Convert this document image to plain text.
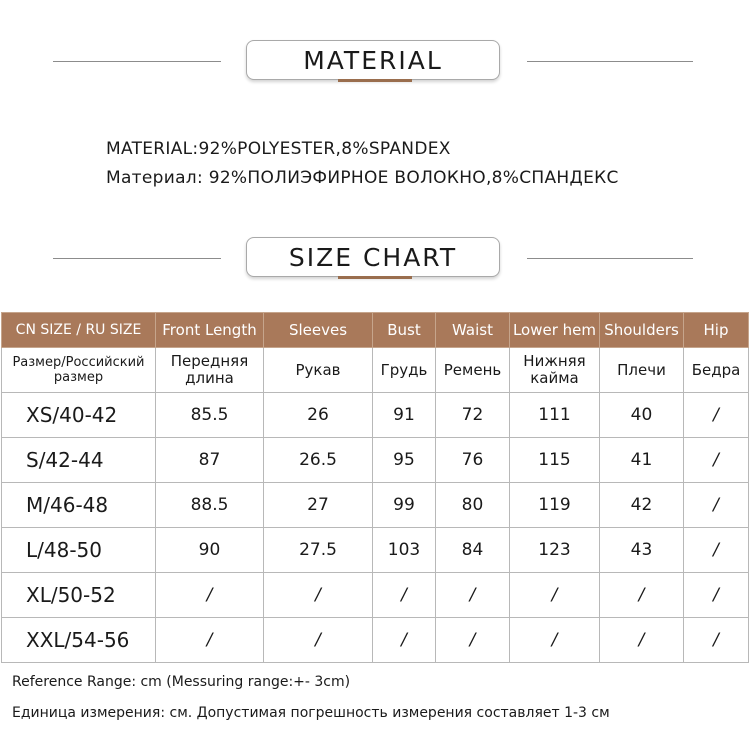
MATERIAL
MATERIAL:92%POLYESTER,8%SPANDEX
Материал: 92%ПОЛИЭФИРНОЕ ВОЛОКНО,8%СПАНДЕКС
SIZE CHART
CN SIZE / RU SIZE	Front Length	Sleeves	Bust	Waist	Lower hem	Shoulders	Hip
Размер/Российский размер	Передняя длина	Рукав	Грудь	Ремень	Нижняя кайма	Плечи	Бедра
XS/40-42	85.5	26	91	72	111	40	/
S/42-44	87	26.5	95	76	115	41	/
M/46-48	88.5	27	99	80	119	42	/
L/48-50	90	27.5	103	84	123	43	/
XL/50-52	/	/	/	/	/	/	/
XXL/54-56	/	/	/	/	/	/	/
Reference Range: cm (Messuring range:+- 3cm)
Единица измерения: см. Допустимая погрешность измерения составляет 1-3 см
